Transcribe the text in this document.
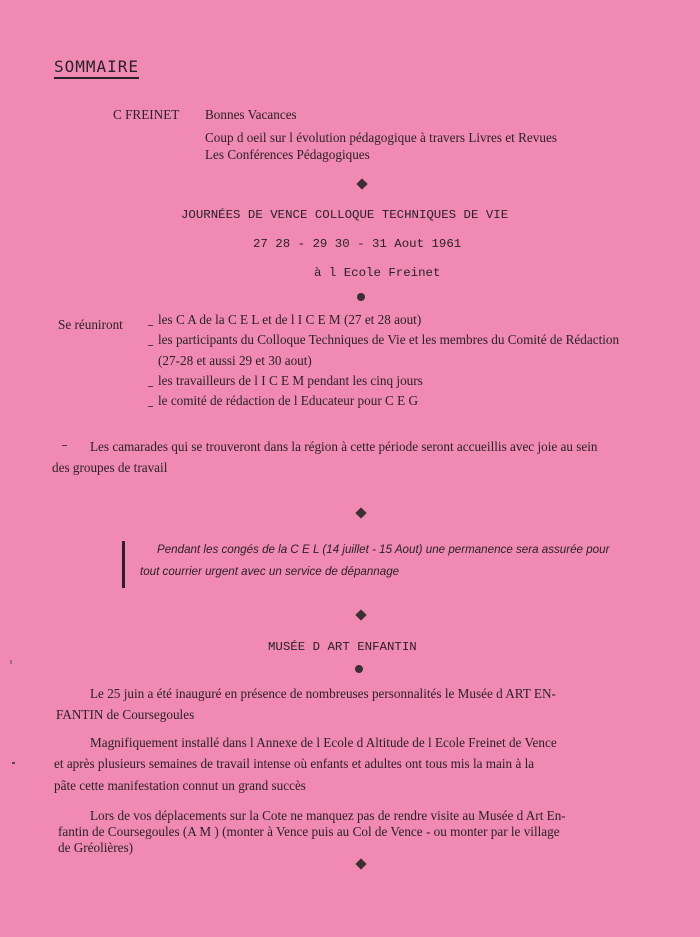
SOMMAIRE
C FREINET Bonnes Vacances
Coup d oeil sur l évolution pédagogique à travers Livres et Revues
Les Conférences Pédagogiques
JOURNÉES DE VENCE COLLOQUE TECHNIQUES DE VIE
27 28 - 29 30 - 31 Aout 1961
à l Ecole Freinet
Se réuniront	les C A de la C E L et de l I C E M (27 et 28 aout)
les participants du Colloque Techniques de Vie et les membres du Comité de Rédaction
(27-28 et aussi 29 et 30 aout)
les travailleurs de l I C E M pendant les cinq jours
le comité de rédaction de l Educateur pour C E G
Les camarades qui se trouveront dans la région à cette période seront accueillis avec joie au sein
des groupes de travail
Pendant les congés de la C E L (14 juillet - 15 Aout) une permanence sera assurée pour
tout courrier urgent avec un service de dépannage
MUSÉE D ART ENFANTIN
Le 25 juin a été inauguré en présence de nombreuses personnalités le Musée d ART EN-
FANTIN de Coursegoules
Magnifiquement installé dans l Annexe de l Ecole d Altitude de l Ecole Freinet de Vence
et après plusieurs semaines de travail intense où enfants et adultes ont tous mis la main à la
pâte cette manifestation connut un grand succès
Lors de vos déplacements sur la Cote ne manquez pas de rendre visite au Musée d Art En-
fantin de Coursegoules (A M ) (monter à Vence puis au Col de Vence - ou monter par le village
de Gréolières)
